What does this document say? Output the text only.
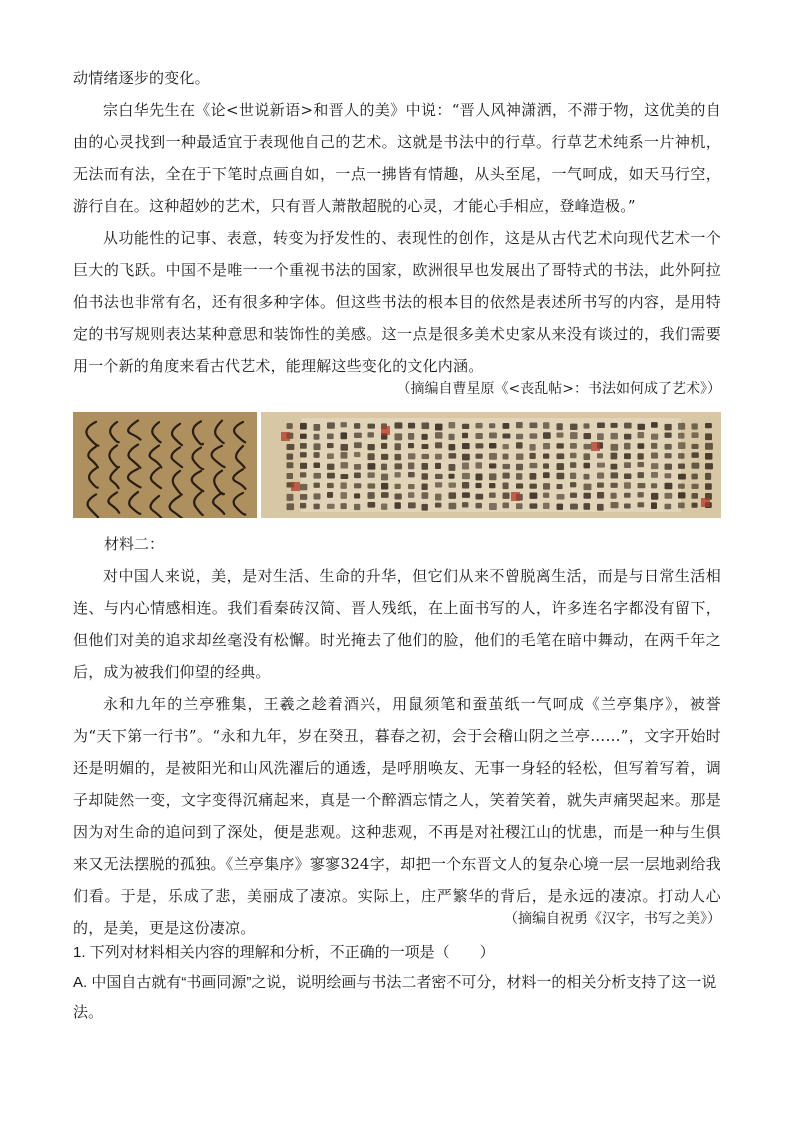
动情绪逐步的变化。

宗白华先生在《论<世说新语>和晋人的美》中说：“晋人风神潇洒，不滞于物，这优美的自由的心灵找到一种最适宜于表现他自己的艺术。这就是书法中的行草。行草艺术纯系一片神机，无法而有法，全在于下笔时点画自如，一点一拂皆有情趣，从头至尾，一气呵成，如天马行空，游行自在。这种超妙的艺术，只有晋人萧散超脱的心灵，才能心手相应，登峰造极。”

从功能性的记事、表意，转变为抒发性的、表现性的创作，这是从古代艺术向现代艺术一个巨大的飞跃。中国不是唯一一个重视书法的国家，欧洲很早也发展出了哥特式的书法，此外阿拉伯书法也非常有名，还有很多种字体。但这些书法的根本目的依然是表述所书写的内容，是用特定的书写规则表达某种意思和装饰性的美感。这一点是很多美术史家从来没有谈过的，我们需要用一个新的角度来看古代艺术，能理解这些变化的文化内涵。

（摘编自曹星原《<丧乱帖>：书法如何成了艺术》）

材料二：

对中国人来说，美，是对生活、生命的升华，但它们从来不曾脱离生活，而是与日常生活相连、与内心情感相连。我们看秦砖汉简、晋人残纸，在上面书写的人，许多连名字都没有留下，但他们对美的追求却丝毫没有松懈。时光掩去了他们的脸，他们的毛笔在暗中舞动，在两千年之后，成为被我们仰望的经典。

永和九年的兰亭雅集，王羲之趁着酒兴，用鼠须笔和蚕茧纸一气呵成《兰亭集序》，被誉为“天下第一行书”。“永和九年，岁在癸丑，暮春之初，会于会稽山阴之兰亭……”，文字开始时还是明媚的，是被阳光和山风洗濯后的通透，是呼朋唤友、无事一身轻的轻松，但写着写着，调子却陡然一变，文字变得沉痛起来，真是一个醉酒忘情之人，笑着笑着，就失声痛哭起来。那是因为对生命的追问到了深处，便是悲观。这种悲观，不再是对社稷江山的忧患，而是一种与生俱来又无法摆脱的孤独。《兰亭集序》寥寥324字，却把一个东晋文人的复杂心境一层一层地剥给我们看。于是，乐成了悲，美丽成了凄凉。实际上，庄严繁华的背后，是永远的凄凉。打动人心的，是美，更是这份凄凉。	（摘编自祝勇《汉字，书写之美》）

1. 下列对材料相关内容的理解和分析，不正确的一项是（　　）

A. 中国自古就有“书画同源”之说，说明绘画与书法二者密不可分，材料一的相关分析支持了这一说法。
